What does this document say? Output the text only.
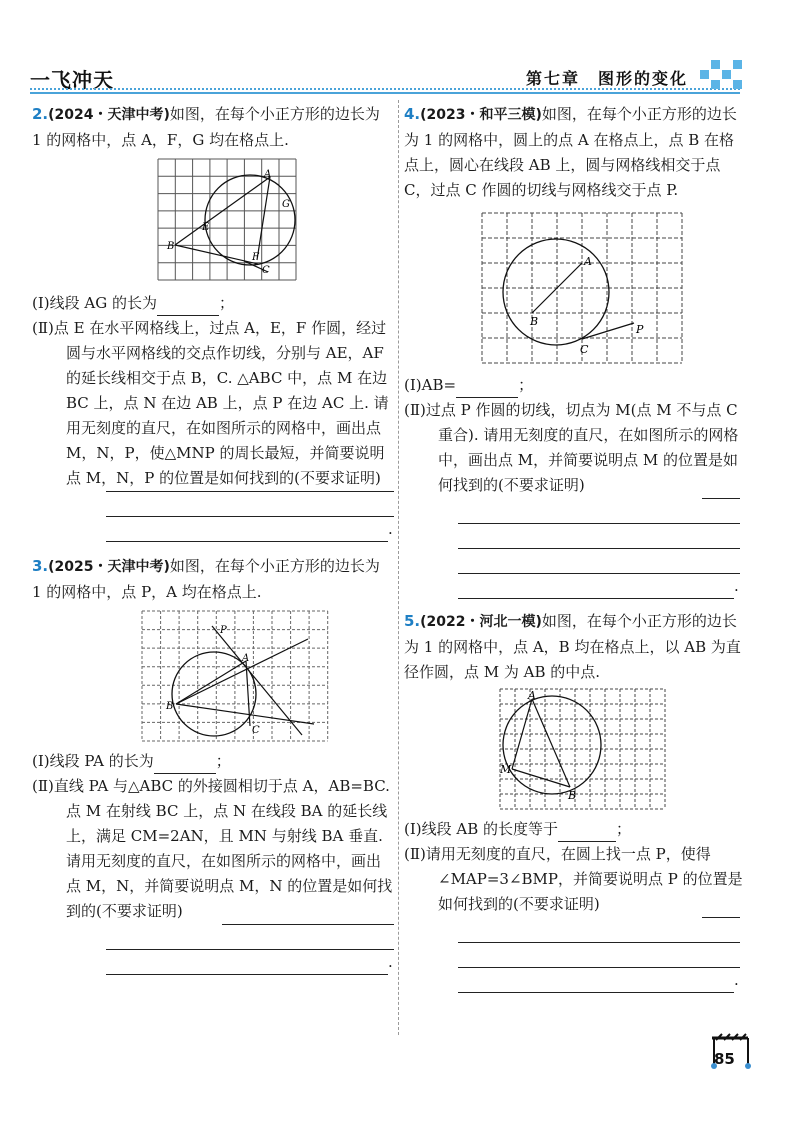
一飞冲天	第七章　图形的变化

2.(2024・天津中考)如图，在每个小正方形的边长为 1 的网格中，点 A，F，G 均在格点上.

A
G
E
B
F
C

(Ⅰ)线段 AG 的长为	；

(Ⅱ)点 E 在水平网格线上，过点 A，E，F 作圆，经过圆与水平网格线的交点作切线，分别与 AE，AF 的延长线相交于点 B，C. △ABC 中，点 M 在边 BC 上，点 N 在边 AB 上，点 P 在边 AC 上. 请用无刻度的直尺，在如图所示的网格中，画出点 M，N，P，使△MNP 的周长最短，并简要说明点 M，N，P 的位置是如何找到的(不要求证明)

.

3.(2025・天津中考)如图，在每个小正方形的边长为 1 的网格中，点 P，A 均在格点上.

P
A
B
C

(Ⅰ)线段 PA 的长为	；

(Ⅱ)直线 PA 与△ABC 的外接圆相切于点 A，AB=BC. 点 M 在射线 BC 上，点 N 在线段 BA 的延长线上，满足 CM=2AN，且 MN 与射线 BA 垂直. 请用无刻度的直尺，在如图所示的网格中，画出点 M，N，并简要说明点 M，N 的位置是如何找到的(不要求证明)

.

4.(2023・和平三模)如图，在每个小正方形的边长为 1 的网格中，圆上的点 A 在格点上，点 B 在格点上，圆心在线段 AB 上，圆与网格线相交于点 C，过点 C 作圆的切线与网格线交于点 P.

A
B
C
P

(Ⅰ)AB=	；

(Ⅱ)过点 P 作圆的切线，切点为 M(点 M 不与点 C 重合). 请用无刻度的直尺，在如图所示的网格中，画出点 M，并简要说明点 M 的位置是如何找到的(不要求证明)

.

5.(2022・河北一模)如图，在每个小正方形的边长为 1 的网格中，点 A，B 均在格点上，以 AB 为直径作圆，点 M 为 AB 的中点.

A
M
B

(Ⅰ)线段 AB 的长度等于	；

(Ⅱ)请用无刻度的直尺，在圆上找一点 P，使得∠MAP=3∠BMP，并简要说明点 P 的位置是如何找到的(不要求证明)

.
85
